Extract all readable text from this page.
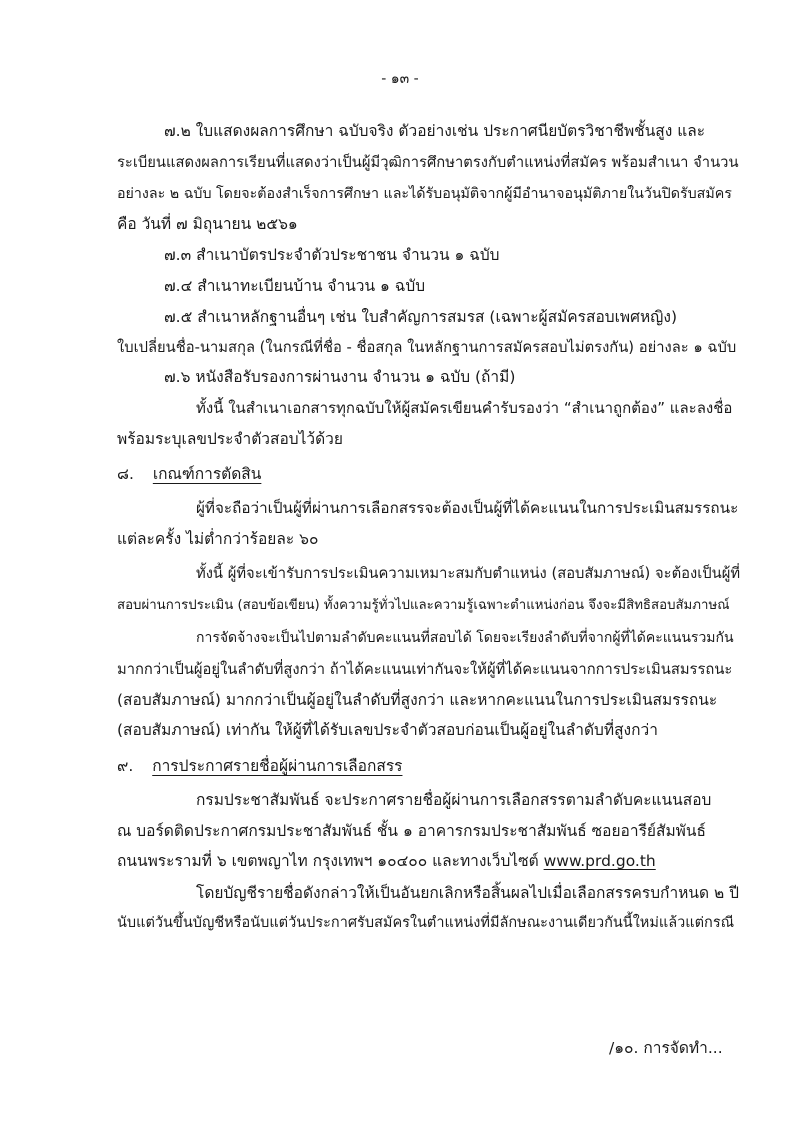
- ๑๓ -
๗.๒ ใบแสดงผลการศึกษา ฉบับจริง ตัวอย่างเช่น ประกาศนียบัตรวิชาชีพชั้นสูง และ
ระเบียนแสดงผลการเรียนที่แสดงว่าเป็นผู้มีวุฒิการศึกษาตรงกับตำแหน่งที่สมัคร พร้อมสำเนา จำนวน
อย่างละ ๒ ฉบับ โดยจะต้องสำเร็จการศึกษา และได้รับอนุมัติจากผู้มีอำนาจอนุมัติภายในวันปิดรับสมัคร
คือ วันที่ ๗ มิถุนายน ๒๕๖๑
๗.๓ สำเนาบัตรประจำตัวประชาชน จำนวน ๑ ฉบับ
๗.๔ สำเนาทะเบียนบ้าน จำนวน ๑ ฉบับ
๗.๕ สำเนาหลักฐานอื่นๆ เช่น ใบสำคัญการสมรส (เฉพาะผู้สมัครสอบเพศหญิง)
ใบเปลี่ยนชื่อ-นามสกุล (ในกรณีที่ชื่อ - ชื่อสกุล ในหลักฐานการสมัครสอบไม่ตรงกัน) อย่างละ ๑ ฉบับ
๗.๖ หนังสือรับรองการผ่านงาน จำนวน ๑ ฉบับ (ถ้ามี)
ทั้งนี้ ในสำเนาเอกสารทุกฉบับให้ผู้สมัครเขียนคำรับรองว่า “สำเนาถูกต้อง” และลงชื่อ
พร้อมระบุเลขประจำตัวสอบไว้ด้วย
๘. เกณฑ์การตัดสิน
ผู้ที่จะถือว่าเป็นผู้ที่ผ่านการเลือกสรรจะต้องเป็นผู้ที่ได้คะแนนในการประเมินสมรรถนะ
แต่ละครั้ง ไม่ต่ำกว่าร้อยละ ๖๐
ทั้งนี้ ผู้ที่จะเข้ารับการประเมินความเหมาะสมกับตำแหน่ง (สอบสัมภาษณ์) จะต้องเป็นผู้ที่
สอบผ่านการประเมิน (สอบข้อเขียน) ทั้งความรู้ทั่วไปและความรู้เฉพาะตำแหน่งก่อน จึงจะมีสิทธิสอบสัมภาษณ์
การจัดจ้างจะเป็นไปตามลำดับคะแนนที่สอบได้ โดยจะเรียงลำดับที่จากผู้ที่ได้คะแนนรวมกัน
มากกว่าเป็นผู้อยู่ในลำดับที่สูงกว่า ถ้าได้คะแนนเท่ากันจะให้ผู้ที่ได้คะแนนจากการประเมินสมรรถนะ
(สอบสัมภาษณ์) มากกว่าเป็นผู้อยู่ในลำดับที่สูงกว่า และหากคะแนนในการประเมินสมรรถนะ
(สอบสัมภาษณ์) เท่ากัน ให้ผู้ที่ได้รับเลขประจำตัวสอบก่อนเป็นผู้อยู่ในลำดับที่สูงกว่า
๙. การประกาศรายชื่อผู้ผ่านการเลือกสรร
กรมประชาสัมพันธ์ จะประกาศรายชื่อผู้ผ่านการเลือกสรรตามลำดับคะแนนสอบ
ณ บอร์ดติดประกาศกรมประชาสัมพันธ์ ชั้น ๑ อาคารกรมประชาสัมพันธ์ ซอยอารีย์สัมพันธ์
ถนนพระรามที่ ๖ เขตพญาไท กรุงเทพฯ ๑๐๔๐๐ และทางเว็บไซต์ www.prd.go.th
โดยบัญชีรายชื่อดังกล่าวให้เป็นอันยกเลิกหรือสิ้นผลไปเมื่อเลือกสรรครบกำหนด ๒ ปี
นับแต่วันขึ้นบัญชีหรือนับแต่วันประกาศรับสมัครในตำแหน่งที่มีลักษณะงานเดียวกันนี้ใหม่แล้วแต่กรณี
/๑๐. การจัดทำ...
